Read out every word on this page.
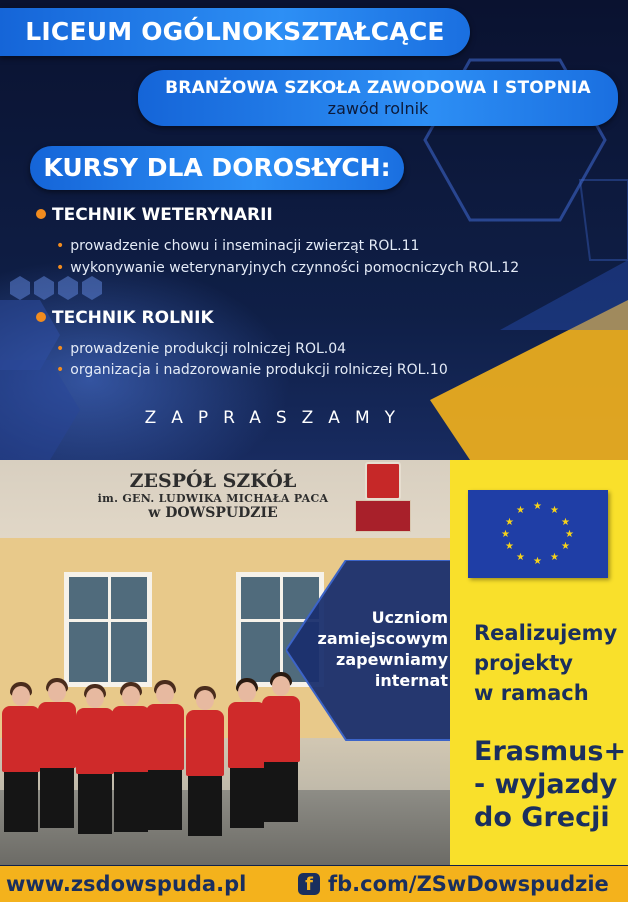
LICEUM OGÓLNOKSZTAŁCĄCE
BRANŻOWA SZKOŁA ZAWODOWA I STOPNIA
zawód rolnik
KURSY DLA DOROSŁYCH:
TECHNIK WETERYNARII
• prowadzenie chowu i inseminacji zwierząt ROL.11
• wykonywanie weterynaryjnych czynności pomocniczych ROL.12
TECHNIK ROLNIK
• prowadzenie produkcji rolniczej ROL.04
• organizacja i nadzorowanie produkcji rolniczej ROL.10
ZAPRASZAMY
ZESPÓŁ SZKÓŁ
im. GEN. LUDWIKA MICHAŁA PACA
w DOWSPUDZIE
Uczniom
zamiejscowym
zapewniamy
internat
★ ★
★
★
★
★
★
★
★
★
★
★
Realizujemy
projekty
w ramach
Erasmus+
- wyjazdy
do Grecji
www.zsdowspuda.pl	f fb.com/ZSwDowspudzie
